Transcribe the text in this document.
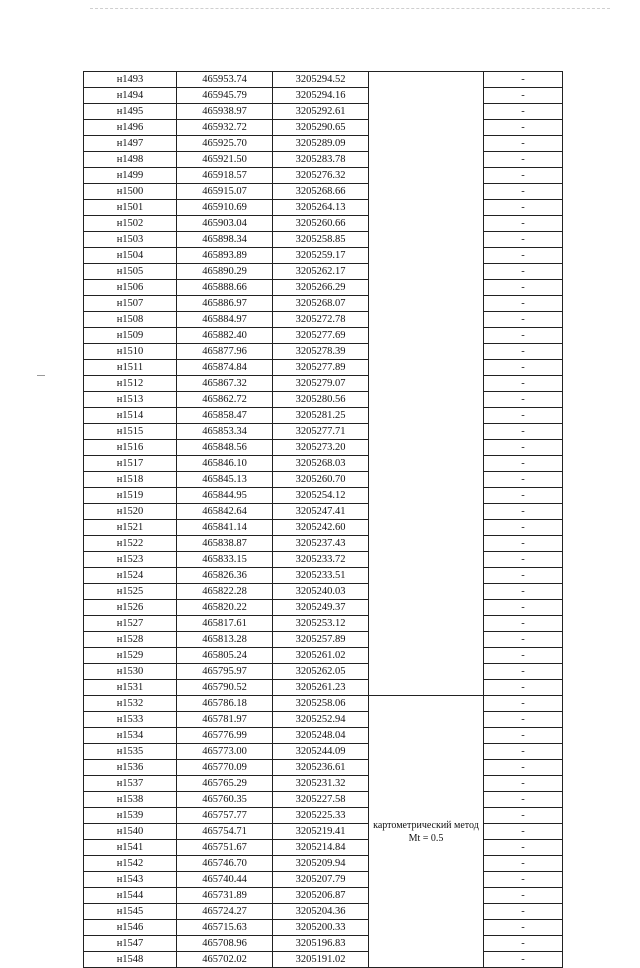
н1493	465953.74	3205294.52		-
н1494	465945.79	3205294.16		-
н1495	465938.97	3205292.61		-
н1496	465932.72	3205290.65		-
н1497	465925.70	3205289.09		-
н1498	465921.50	3205283.78		-
н1499	465918.57	3205276.32		-
н1500	465915.07	3205268.66		-
н1501	465910.69	3205264.13		-
н1502	465903.04	3205260.66		-
н1503	465898.34	3205258.85		-
н1504	465893.89	3205259.17		-
н1505	465890.29	3205262.17		-
н1506	465888.66	3205266.29		-
н1507	465886.97	3205268.07		-
н1508	465884.97	3205272.78		-
н1509	465882.40	3205277.69		-
н1510	465877.96	3205278.39		-
н1511	465874.84	3205277.89		-
н1512	465867.32	3205279.07		-
н1513	465862.72	3205280.56		-
н1514	465858.47	3205281.25		-
н1515	465853.34	3205277.71		-
н1516	465848.56	3205273.20		-
н1517	465846.10	3205268.03		-
н1518	465845.13	3205260.70		-
н1519	465844.95	3205254.12		-
н1520	465842.64	3205247.41		-
н1521	465841.14	3205242.60		-
н1522	465838.87	3205237.43		-
н1523	465833.15	3205233.72		-
н1524	465826.36	3205233.51		-
н1525	465822.28	3205240.03		-
н1526	465820.22	3205249.37		-
н1527	465817.61	3205253.12		-
н1528	465813.28	3205257.89		-
н1529	465805.24	3205261.02		-
н1530	465795.97	3205262.05		-
н1531	465790.52	3205261.23		-
н1532	465786.18	3205258.06	картометрический метод Mt = 0.5	-
н1533	465781.97	3205252.94		-
н1534	465776.99	3205248.04		-
н1535	465773.00	3205244.09		-
н1536	465770.09	3205236.61		-
н1537	465765.29	3205231.32		-
н1538	465760.35	3205227.58		-
н1539	465757.77	3205225.33		-
н1540	465754.71	3205219.41		-
н1541	465751.67	3205214.84		-
н1542	465746.70	3205209.94		-
н1543	465740.44	3205207.79		-
н1544	465731.89	3205206.87		-
н1545	465724.27	3205204.36		-
н1546	465715.63	3205200.33		-
н1547	465708.96	3205196.83		-
н1548	465702.02	3205191.02		-
